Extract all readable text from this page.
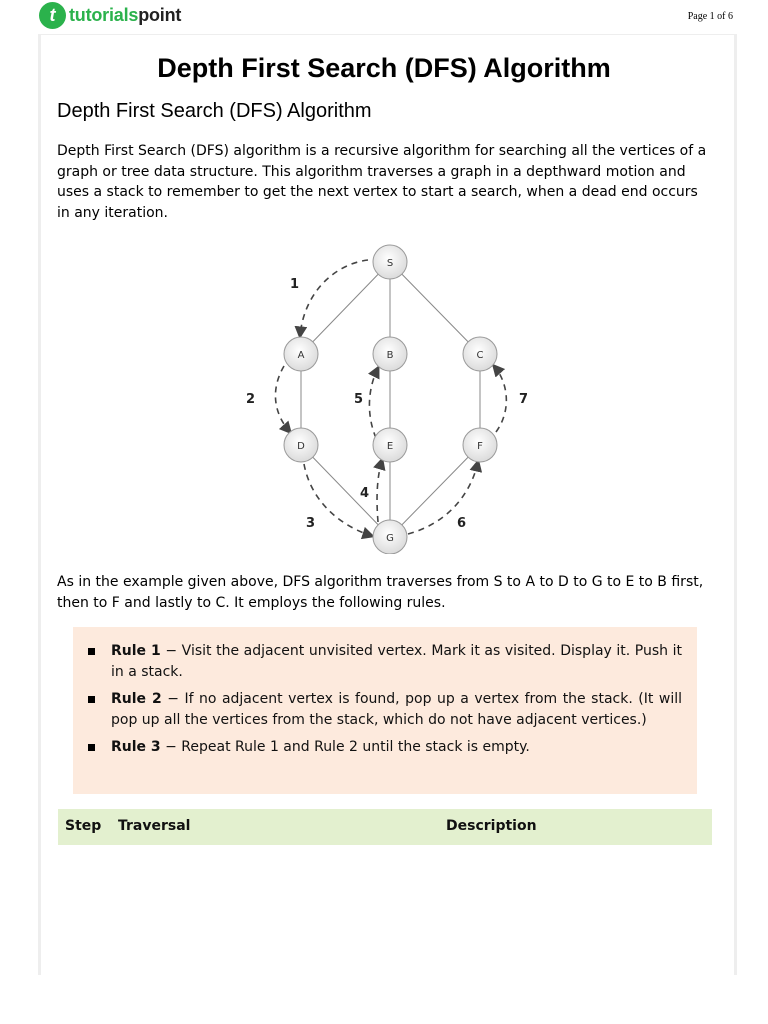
t tutorialspoint	Page 1 of 6
Depth First Search (DFS) Algorithm
Depth First Search (DFS) Algorithm

Depth First Search (DFS) algorithm is a recursive algorithm for searching all the vertices of a graph or tree data structure. This algorithm traverses a graph in a depthward motion and uses a stack to remember to get the next vertex to start a search, when a dead end occurs in any iteration.

S
A	B	C
D	E	F
G
1
2
3
4
5
6
7

As in the example given above, DFS algorithm traverses from S to A to D to G to E to B first, then to F and lastly to C. It employs the following rules.

Rule 1 − Visit the adjacent unvisited vertex. Mark it as visited. Display it. Push it in a stack.
Rule 2 − If no adjacent vertex is found, pop up a vertex from the stack. (It will pop up all the vertices from the stack, which do not have adjacent vertices.)
Rule 3 − Repeat Rule 1 and Rule 2 until the stack is empty.
Step Traversal	Description
